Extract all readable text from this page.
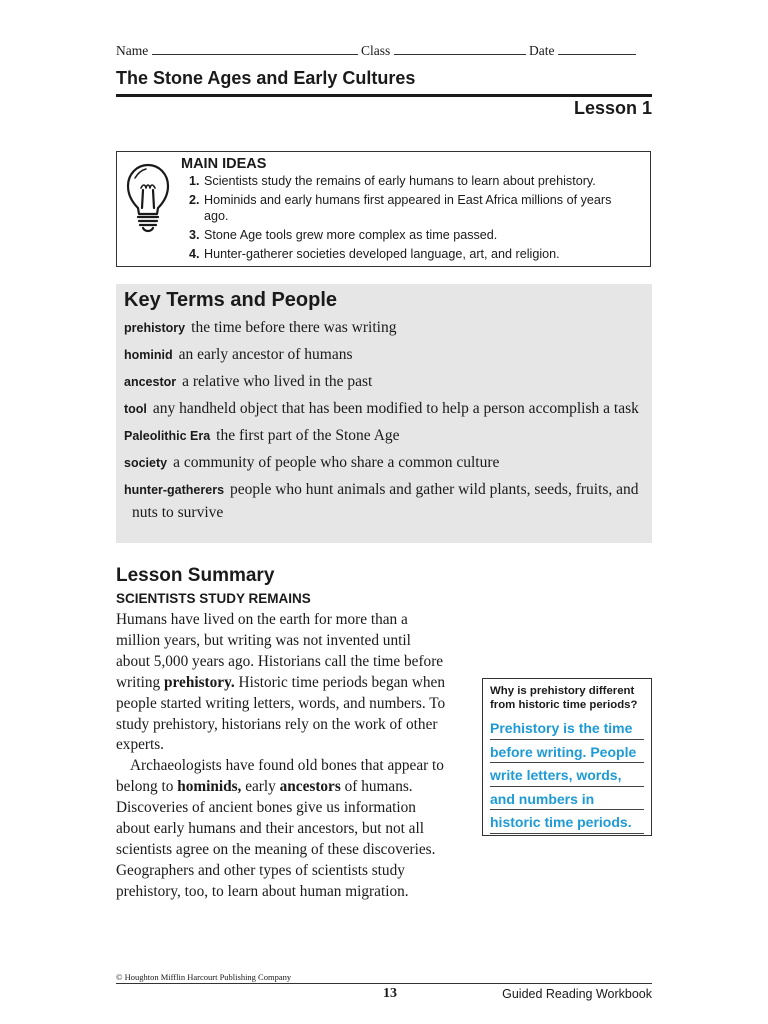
Name	Class	Date
The Stone Ages and Early Cultures
Lesson 1
MAIN IDEAS
1. Scientists study the remains of early humans to learn about prehistory.
2. Hominids and early humans first appeared in East Africa millions of years ago.
3. Stone Age tools grew more complex as time passed.
4. Hunter-gatherer societies developed language, art, and religion.
Key Terms and People
prehistory the time before there was writing
hominid an early ancestor of humans
ancestor a relative who lived in the past
tool any handheld object that has been modified to help a person accomplish a task
Paleolithic Era the first part of the Stone Age
society a community of people who share a common culture
hunter-gatherers people who hunt animals and gather wild plants, seeds, fruits, and nuts to survive
Lesson Summary
SCIENTISTS STUDY REMAINS

Humans have lived on the earth for more than a million years, but writing was not invented until about 5,000 years ago. Historians call the time before writing prehistory. Historic time periods began when people started writing letters, words, and numbers. To study prehistory, historians rely on the work of other experts.

Archaeologists have found old bones that appear to belong to hominids, early ancestors of humans. Discoveries of ancient bones give us information about early humans and their ancestors, but not all scientists agree on the meaning of these discoveries. Geographers and other types of scientists study prehistory, too, to learn about human migration.

Why is prehistory different from historic time periods?
Prehistory is the time
before writing. People
write letters, words,
and numbers in
historic time periods.
© Houghton Mifflin Harcourt Publishing Company
13	Guided Reading Workbook
